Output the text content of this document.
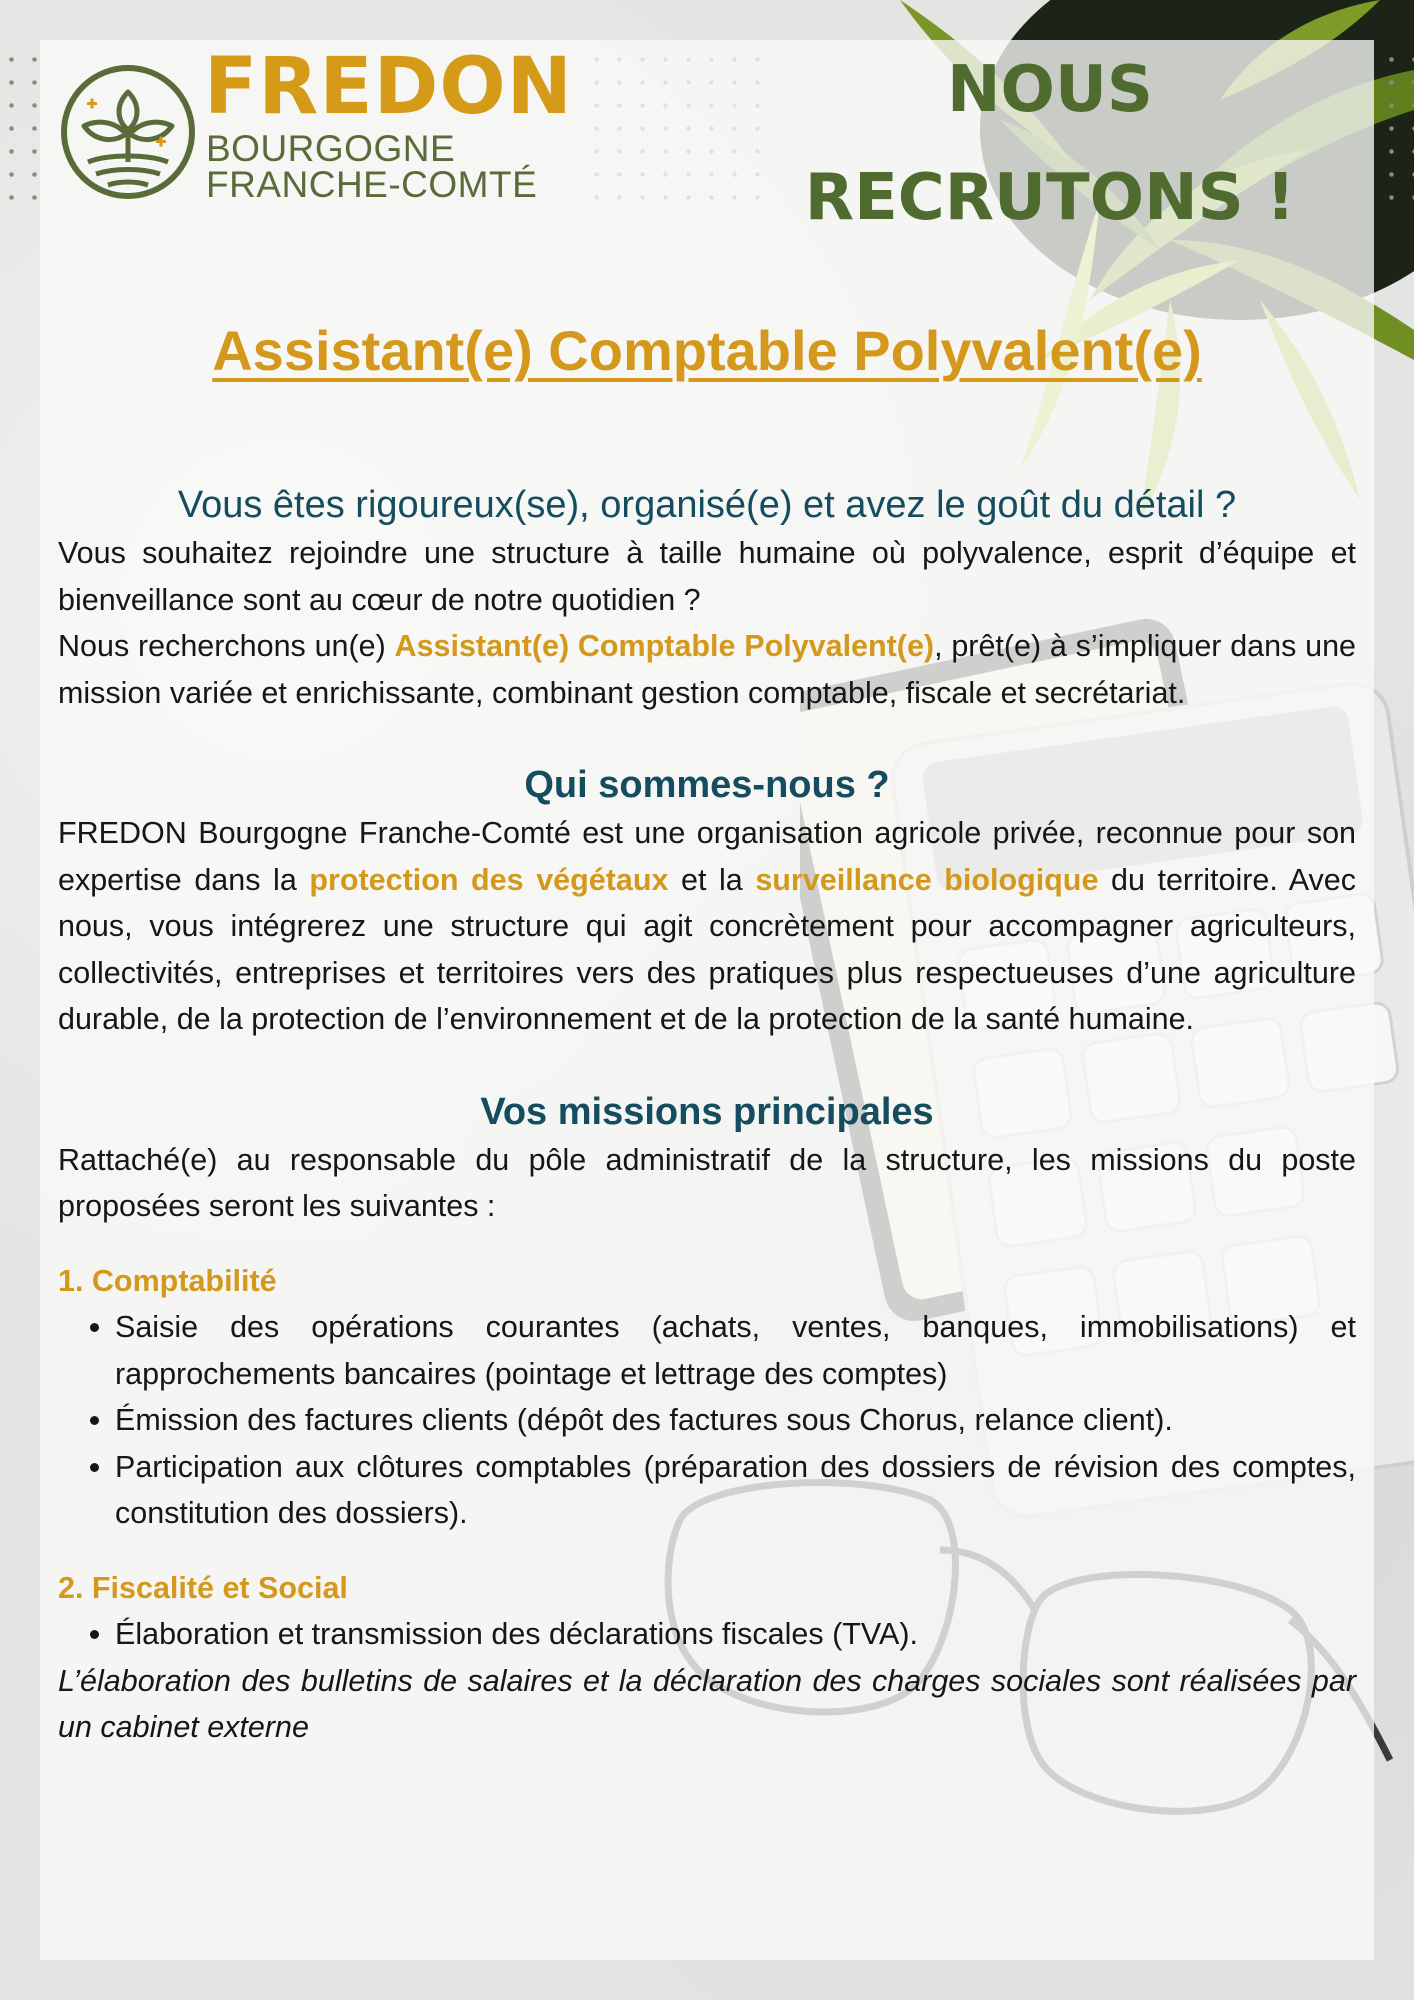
FREDON
BOURGOGNE
FRANCHE-COMTÉ
NOUS
RECRUTONS !
Assistant(e) Comptable Polyvalent(e)
Vous êtes rigoureux(se), organisé(e) et avez le goût du détail ?

Vous souhaitez rejoindre une structure à taille humaine où polyvalence, esprit d’équipe et bienveillance sont au cœur de notre quotidien ?

Nous recherchons un(e) Assistant(e) Comptable Polyvalent(e), prêt(e) à s’impliquer dans une mission variée et enrichissante, combinant gestion comptable, fiscale et secrétariat.

Qui sommes-nous ?

FREDON Bourgogne Franche-Comté est une organisation agricole privée, reconnue pour son expertise dans la protection des végétaux et la surveillance biologique du territoire. Avec nous, vous intégrerez une structure qui agit concrètement pour accompagner agriculteurs, collectivités, entreprises et territoires vers des pratiques plus respectueuses d’une agriculture durable, de la protection de l’environnement et de la protection de la santé humaine.

Vos missions principales

Rattaché(e) au responsable du pôle administratif de la structure, les missions du poste proposées seront les suivantes :

1. Comptabilité
• Saisie des opérations courantes (achats, ventes, banques, immobilisations) et rapprochements bancaires (pointage et lettrage des comptes)
• Émission des factures clients (dépôt des factures sous Chorus, relance client).
• Participation aux clôtures comptables (préparation des dossiers de révision des comptes, constitution des dossiers).
2. Fiscalité et Social
• Élaboration et transmission des déclarations fiscales (TVA).

L’élaboration des bulletins de salaires et la déclaration des charges sociales sont réalisées par un cabinet externe
